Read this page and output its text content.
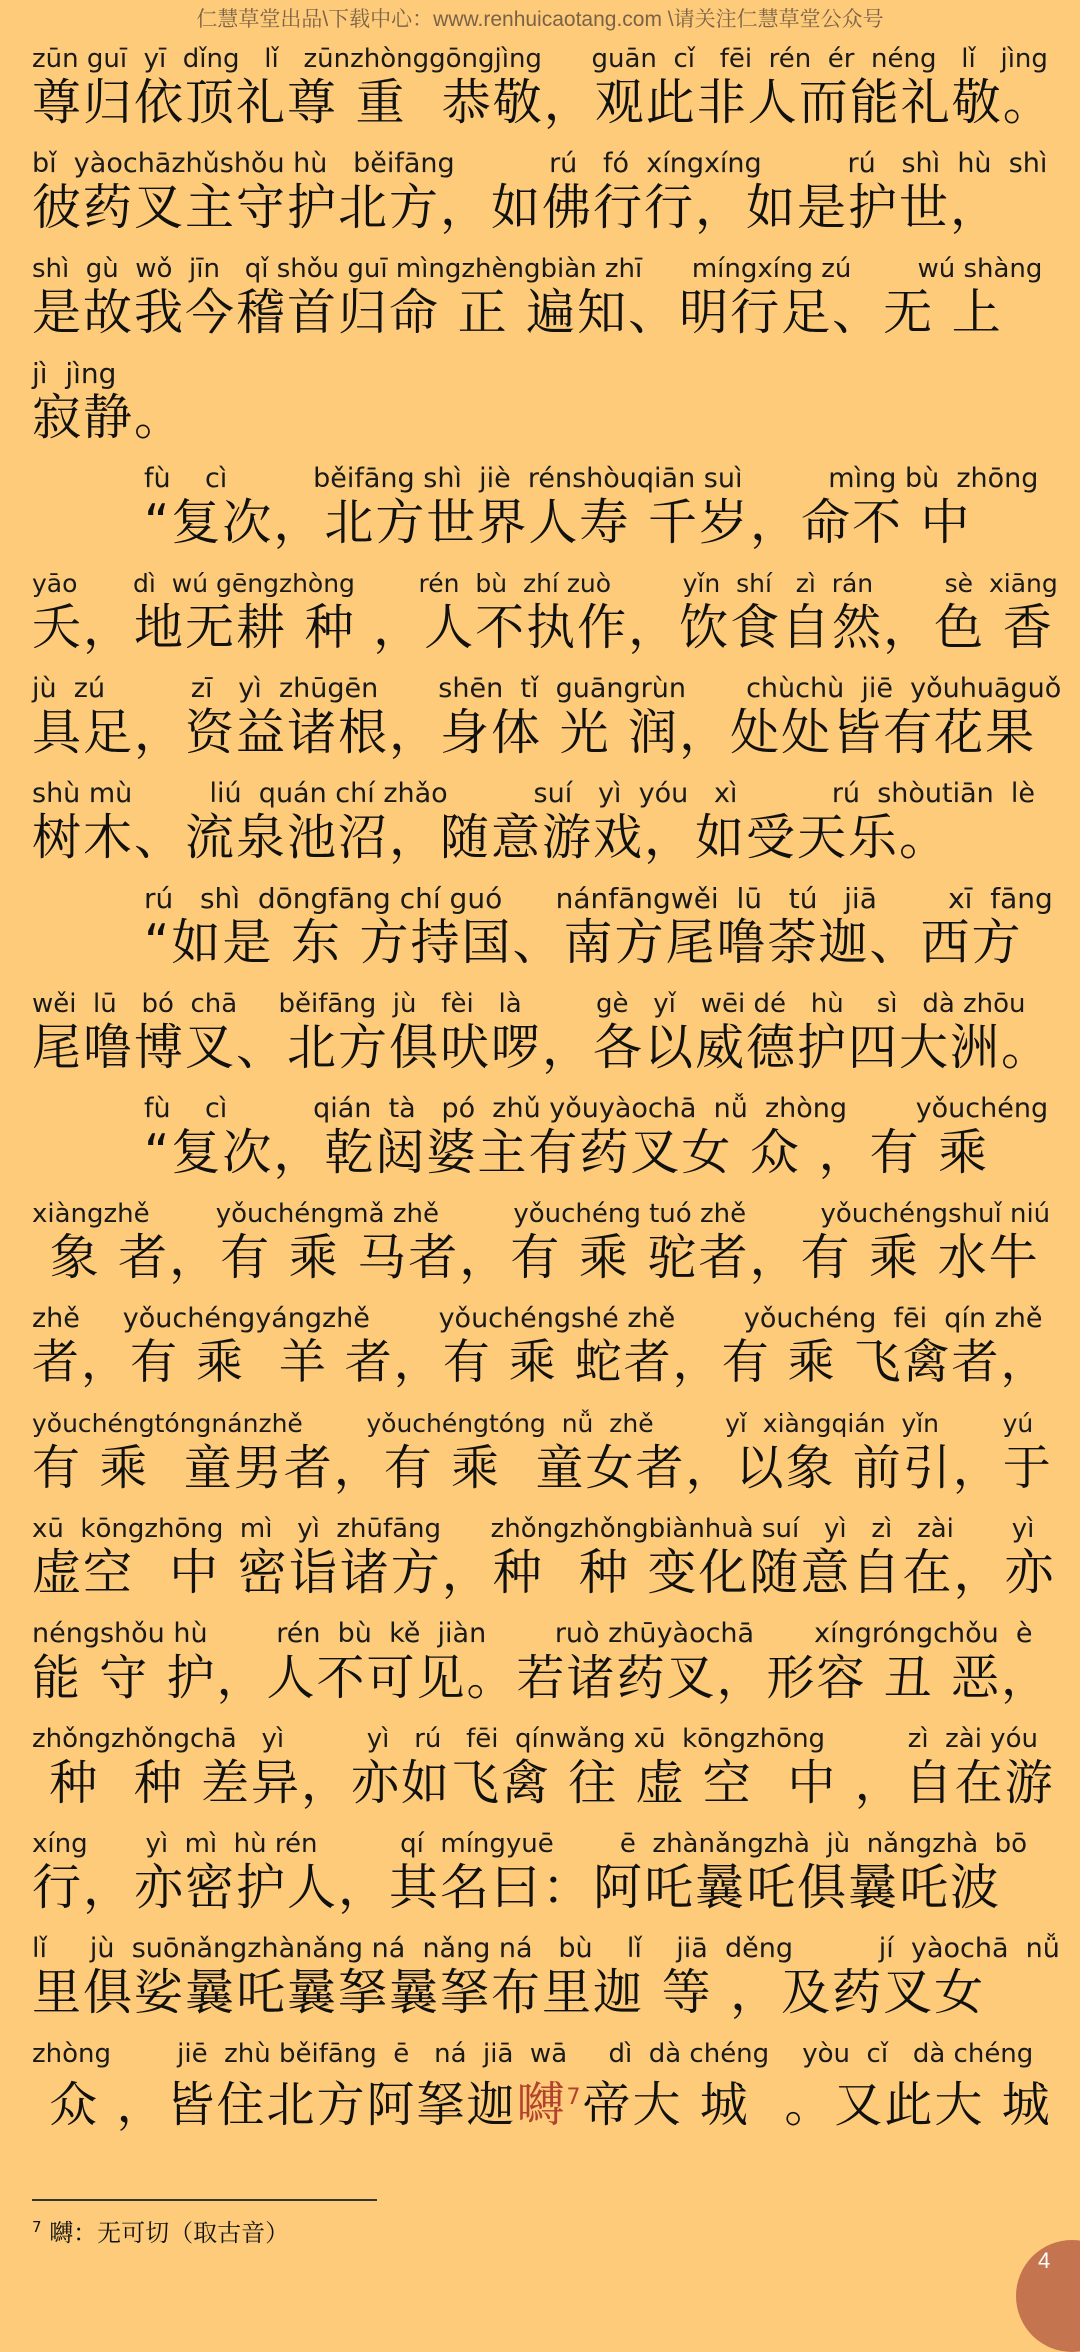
仁慧草堂出品\下载中心：www.renhuicaotang.com \请关注仁慧草堂公众号
zūn guī  yī  dǐng   lǐ   zūnzhònggōngjìng      guān  cǐ   fēi  rén  ér  néng   lǐ   jìng
尊归依顶礼尊 重  恭敬，观此非人而能礼敬。
bǐ  yàochāzhǔshǒu hù   běifāng           rú   fó  xíngxíng          rú   shì  hù  shì
彼药叉主守护北方，如佛行行，如是护世，
shì  gù  wǒ  jīn   qǐ shǒu guī mìngzhèngbiàn zhī      míngxíng zú        wú shàng
是故我今稽首归命 正 遍知、明行足、无 上
jì  jìng
寂静。
fù    cì          běifāng shì  jiè  rénshòuqiān suì          mìng bù  zhōng
“复次，北方世界人寿 千岁，命不 中
yāo       dì  wú gēngzhòng        rén  bù  zhí zuò         yǐn  shí   zì  rán         sè  xiāng
夭，地无耕 种 ，人不执作，饮食自然，色 香
jù  zú          zī   yì  zhūgēn       shēn  tǐ  guāngrùn       chùchù  jiē  yǒuhuāguǒ
具足，资益诸根，身体 光 润，处处皆有花果
shù mù         liú  quán chí zhǎo          suí   yì  yóu   xì           rú  shòutiān  lè
树木、流泉池沼，随意游戏，如受天乐。
rú   shì  dōngfāng chí guó      nánfāngwěi  lū   tú   jiā        xī  fāng
“如是 东 方持国、南方尾噜荼迦、西方
wěi  lū   bó  chā     běifāng  jù   fèi   là         gè   yǐ   wēi dé   hù    sì   dà zhōu
尾噜博叉、北方俱吠啰，各以威德护四大洲。
fù    cì          qián  tà   pó  zhǔ yǒuyàochā  nǚ  zhòng        yǒuchéng
“复次，乾闼婆主有药叉女 众 ，有 乘
xiàngzhě        yǒuchéngmǎ zhě         yǒuchéng tuó zhě         yǒuchéngshuǐ niú
象 者，有 乘 马者，有 乘 驼者，有 乘 水牛
zhě     yǒuchéngyángzhě        yǒuchéngshé zhě        yǒuchéng  fēi  qín zhě
者，有 乘  羊 者，有 乘 蛇者，有 乘 飞禽者，
yǒuchéngtóngnánzhě        yǒuchéngtóng  nǚ  zhě         yǐ  xiàngqián  yǐn        yú
有 乘  童男者，有 乘  童女者，以象 前引，于
xū  kōngzhōng  mì   yì  zhūfāng      zhǒngzhǒngbiànhuà suí   yì   zì   zài       yì
虚空  中 密诣诸方，种  种 变化随意自在，亦
néngshǒu hù        rén  bù  kě  jiàn        ruò zhūyàochā       xíngróngchǒu  è
能 守 护，人不可见。若诸药叉，形容 丑 恶，
zhǒngzhǒngchā   yì          yì   rú   fēi  qínwǎng xū  kōngzhōng          zì  zài yóu
种  种 差异，亦如飞禽 往 虚 空  中 ，自在游
xíng       yì  mì  hù rén          qí  míngyuē        ē  zhànǎngzhà  jù  nǎngzhà  bō
行，亦密护人，其名曰：阿吒曩吒俱曩吒波
lǐ     jù  suōnǎngzhànǎng ná  nǎng ná   bù    lǐ    jiā  děng          jí  yàochā  nǚ
里俱娑曩吒曩拏曩拏布里迦 等 ，及药叉女
zhòng        jiē  zhù běifāng  ē   ná  jiā  wā     dì  dà chéng    yòu  cǐ   dà chéng
众 ，皆住北方阿拏迦嚩$^7$帝大 城  。又此大 城
$^7$ 嚩：无可切（取古音）
4
